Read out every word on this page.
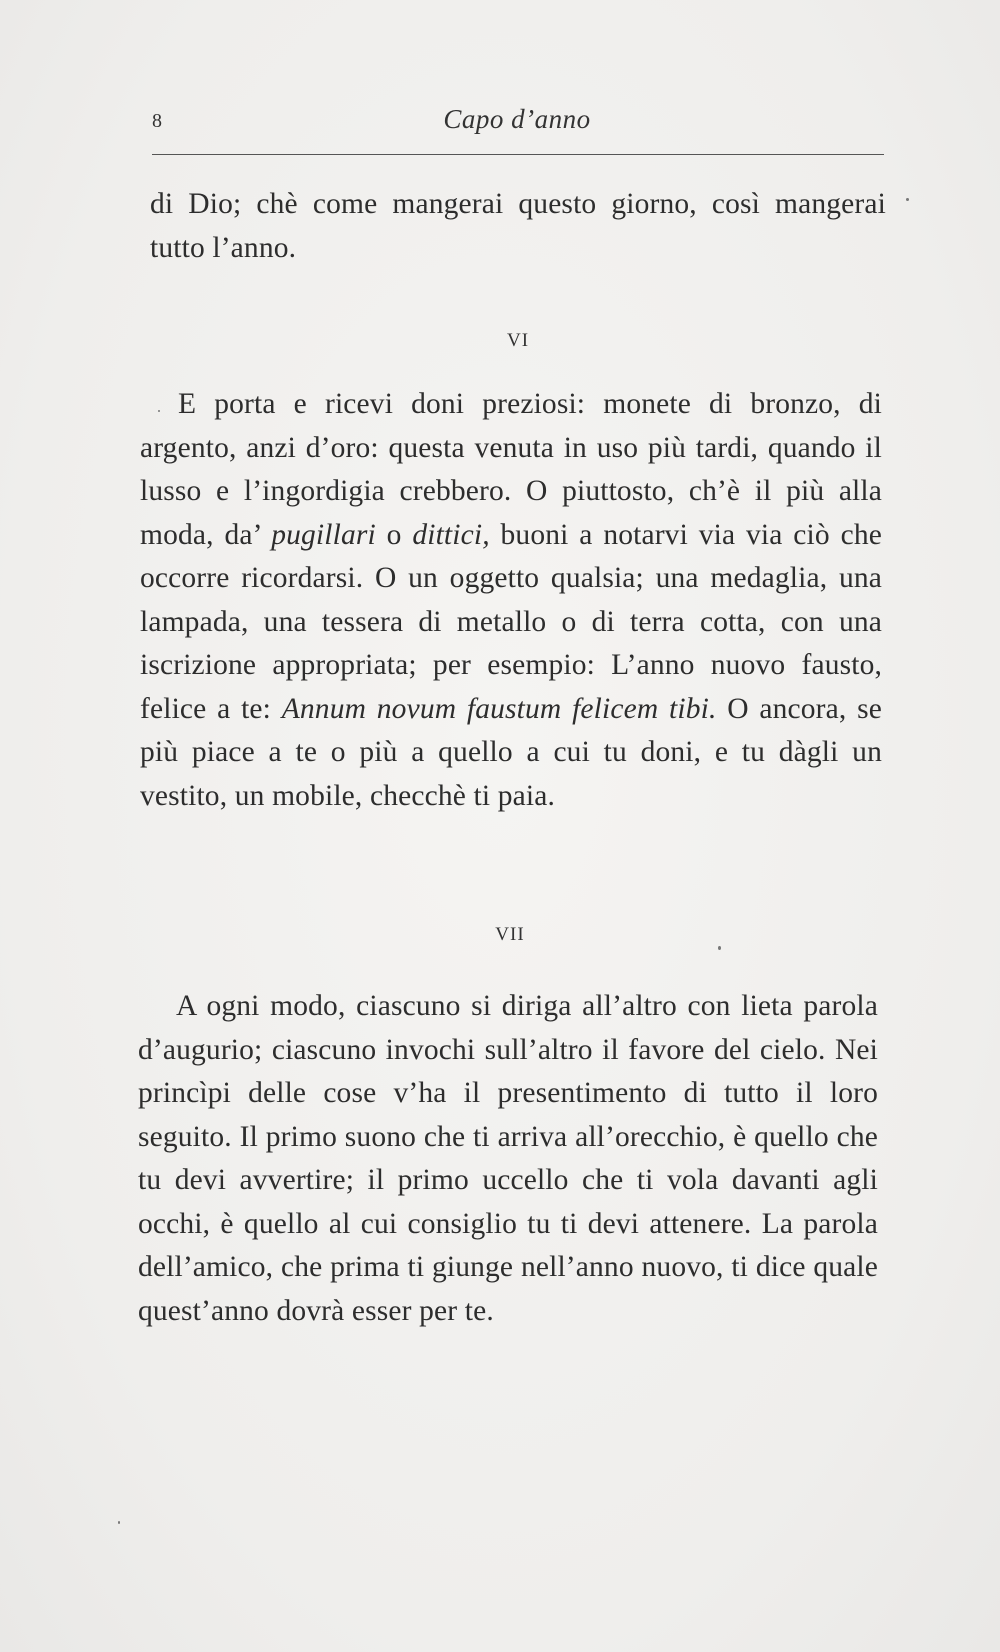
8	Capo d’anno

di Dio; chè come mangerai questo giorno, così mangerai tutto l’anno.

VI

E porta e ricevi doni preziosi: monete di bronzo, di argento, anzi d’oro: questa venuta in uso più tardi, quando il lusso e l’ingordigia crebbero. O piuttosto, ch’è il più alla moda, da’ pugillari o dittici, buoni a notarvi via via ciò che occorre ricordarsi. O un oggetto qualsia; una medaglia, una lampada, una tessera di metallo o di terra cotta, con una iscrizione appropriata; per esempio: L’anno nuovo fausto, felice a te: Annum novum faustum felicem tibi. O ancora, se più piace a te o più a quello a cui tu doni, e tu dàgli un vestito, un mobile, checchè ti paia.

VII

A ogni modo, ciascuno si diriga all’altro con lieta parola d’augurio; ciascuno invochi sull’altro il favore del cielo. Nei princìpi delle cose v’ha il presentimento di tutto il loro seguito. Il primo suono che ti arriva all’orecchio, è quello che tu devi avvertire; il primo uccello che ti vola davanti agli occhi, è quello al cui consiglio tu ti devi attenere. La parola dell’amico, che prima ti giunge nell’anno nuovo, ti dice quale quest’anno dovrà esser per te.
